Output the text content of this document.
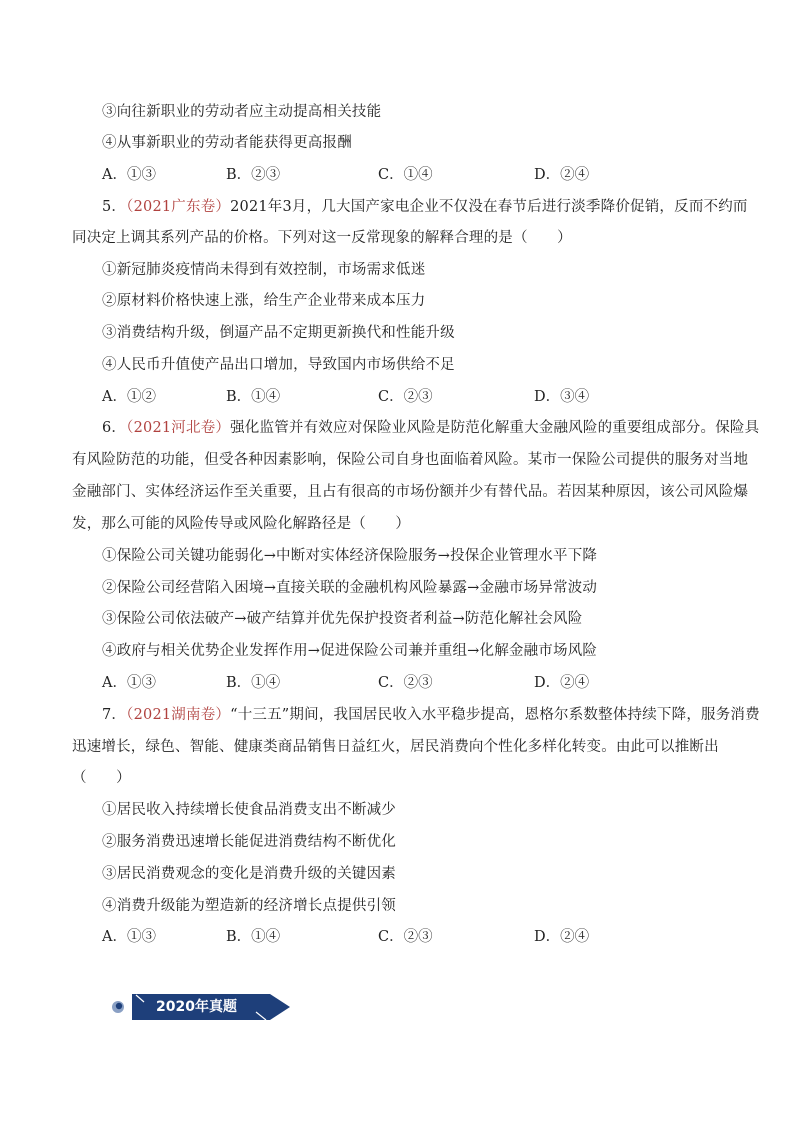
③向往新职业的劳动者应主动提高相关技能
④从事新职业的劳动者能获得更高报酬
A．①③	B．②③	C．①④	D．②④
5．（2021广东卷）2021年3月，几大国产家电企业不仅没在春节后进行淡季降价促销，反而不约而
同决定上调其系列产品的价格。下列对这一反常现象的解释合理的是（　　）
①新冠肺炎疫情尚未得到有效控制，市场需求低迷
②原材料价格快速上涨，给生产企业带来成本压力
③消费结构升级，倒逼产品不定期更新换代和性能升级
④人民币升值使产品出口增加，导致国内市场供给不足
A．①②	B．①④	C．②③	D．③④
6．（2021河北卷）强化监管并有效应对保险业风险是防范化解重大金融风险的重要组成部分。保险具
有风险防范的功能，但受各种因素影响，保险公司自身也面临着风险。某市一保险公司提供的服务对当地
金融部门、实体经济运作至关重要，且占有很高的市场份额并少有替代品。若因某种原因，该公司风险爆
发，那么可能的风险传导或风险化解路径是（　　）
①保险公司关键功能弱化→中断对实体经济保险服务→投保企业管理水平下降
②保险公司经营陷入困境→直接关联的金融机构风险暴露→金融市场异常波动
③保险公司依法破产→破产结算并优先保护投资者利益→防范化解社会风险
④政府与相关优势企业发挥作用→促进保险公司兼并重组→化解金融市场风险
A．①③	B．①④	C．②③	D．②④
7．（2021湖南卷）“十三五”期间，我国居民收入水平稳步提高，恩格尔系数整体持续下降，服务消费
迅速增长，绿色、智能、健康类商品销售日益红火，居民消费向个性化多样化转变。由此可以推断出
（　　）
①居民收入持续增长使食品消费支出不断减少
②服务消费迅速增长能促进消费结构不断优化
③居民消费观念的变化是消费升级的关键因素
④消费升级能为塑造新的经济增长点提供引领
A．①③	B．①④	C．②③	D．②④
2020年真题
